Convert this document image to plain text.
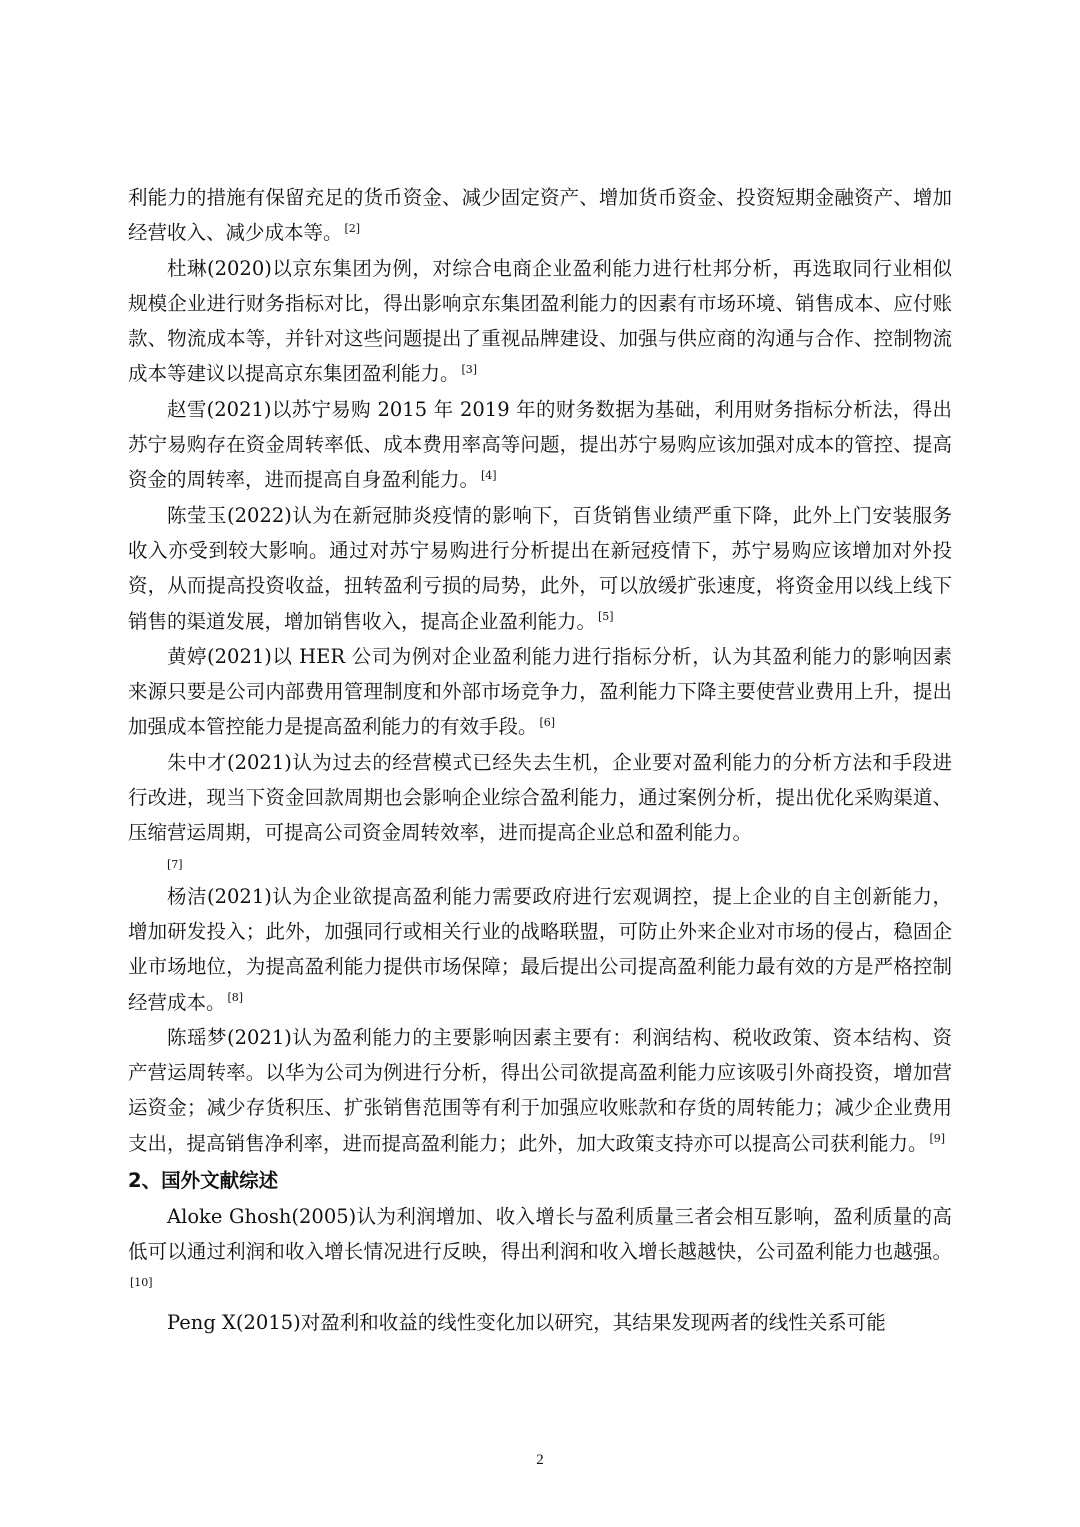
利能力的措施有保留充足的货币资金、减少固定资产、增加货币资金、投资短期金融资产、增加经营收入、减少成本等。 [2]

杜琳(2020)以京东集团为例，对综合电商企业盈利能力进行杜邦分析，再选取同行业相似规模企业进行财务指标对比，得出影响京东集团盈利能力的因素有市场环境、销售成本、应付账款、物流成本等，并针对这些问题提出了重视品牌建设、加强与供应商的沟通与合作、控制物流成本等建议以提高京东集团盈利能力。 [3]

赵雪(2021)以苏宁易购 2015 年 2019 年的财务数据为基础，利用财务指标分析法，得出苏宁易购存在资金周转率低、成本费用率高等问题，提出苏宁易购应该加强对成本的管控、提高资金的周转率，进而提高自身盈利能力。 [4]

陈莹玉(2022)认为在新冠肺炎疫情的影响下，百货销售业绩严重下降，此外上门安装服务收入亦受到较大影响。通过对苏宁易购进行分析提出在新冠疫情下，苏宁易购应该增加对外投资，从而提高投资收益，扭转盈利亏损的局势，此外，可以放缓扩张速度，将资金用以线上线下销售的渠道发展，增加销售收入，提高企业盈利能力。 [5]

黄婷(2021)以 HER 公司为例对企业盈利能力进行指标分析，认为其盈利能力的影响因素来源只要是公司内部费用管理制度和外部市场竞争力，盈利能力下降主要使营业费用上升，提出加强成本管控能力是提高盈利能力的有效手段。 [6]

朱中才(2021)认为过去的经营模式已经失去生机，企业要对盈利能力的分析方法和手段进行改进，现当下资金回款周期也会影响企业综合盈利能力，通过案例分析，提出优化采购渠道、压缩营运周期，可提高公司资金周转效率，进而提高企业总和盈利能力。
[7]

杨洁(2021)认为企业欲提高盈利能力需要政府进行宏观调控，提上企业的自主创新能力，增加研发投入；此外，加强同行或相关行业的战略联盟，可防止外来企业对市场的侵占，稳固企业市场地位，为提高盈利能力提供市场保障；最后提出公司提高盈利能力最有效的方是严格控制经营成本。 [8]

陈瑶梦(2021)认为盈利能力的主要影响因素主要有：利润结构、税收政策、资本结构、资产营运周转率。以华为公司为例进行分析，得出公司欲提高盈利能力应该吸引外商投资，增加营运资金；减少存货积压、扩张销售范围等有利于加强应收账款和存货的周转能力；减少企业费用支出，提高销售净利率，进而提高盈利能力；此外，加大政策支持亦可以提高公司获利能力。 [9]

2、国外文献综述

Aloke Ghosh(2005)认为利润增加、收入增长与盈利质量三者会相互影响，盈利质量的高低可以通过利润和收入增长情况进行反映，得出利润和收入增长越越快，公司盈利能力也越强。[10]

Peng X(2015)对盈利和收益的线性变化加以研究，其结果发现两者的线性关系可能

2
